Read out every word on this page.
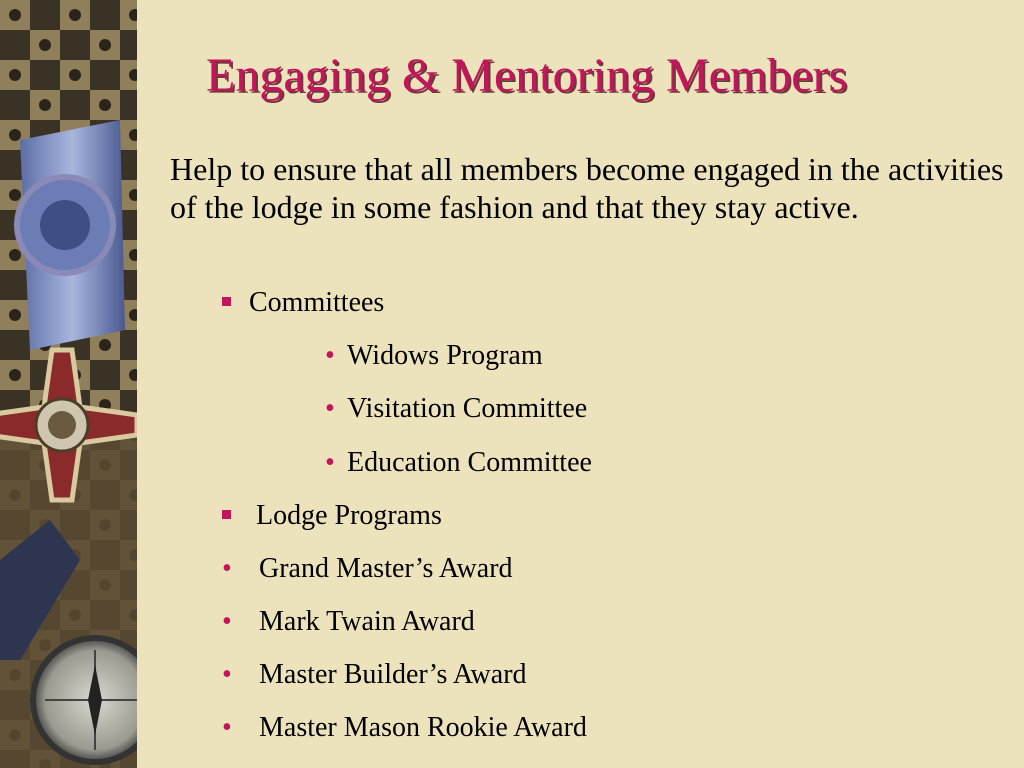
Engaging & Mentoring Members

Help to ensure that all members become engaged in the activities of the lodge in some fashion and that they stay active.

Committees
• Widows Program
• Visitation Committee
• Education Committee
Lodge Programs
• Grand Master’s Award
• Mark Twain Award
• Master Builder’s Award
• Master Mason Rookie Award
